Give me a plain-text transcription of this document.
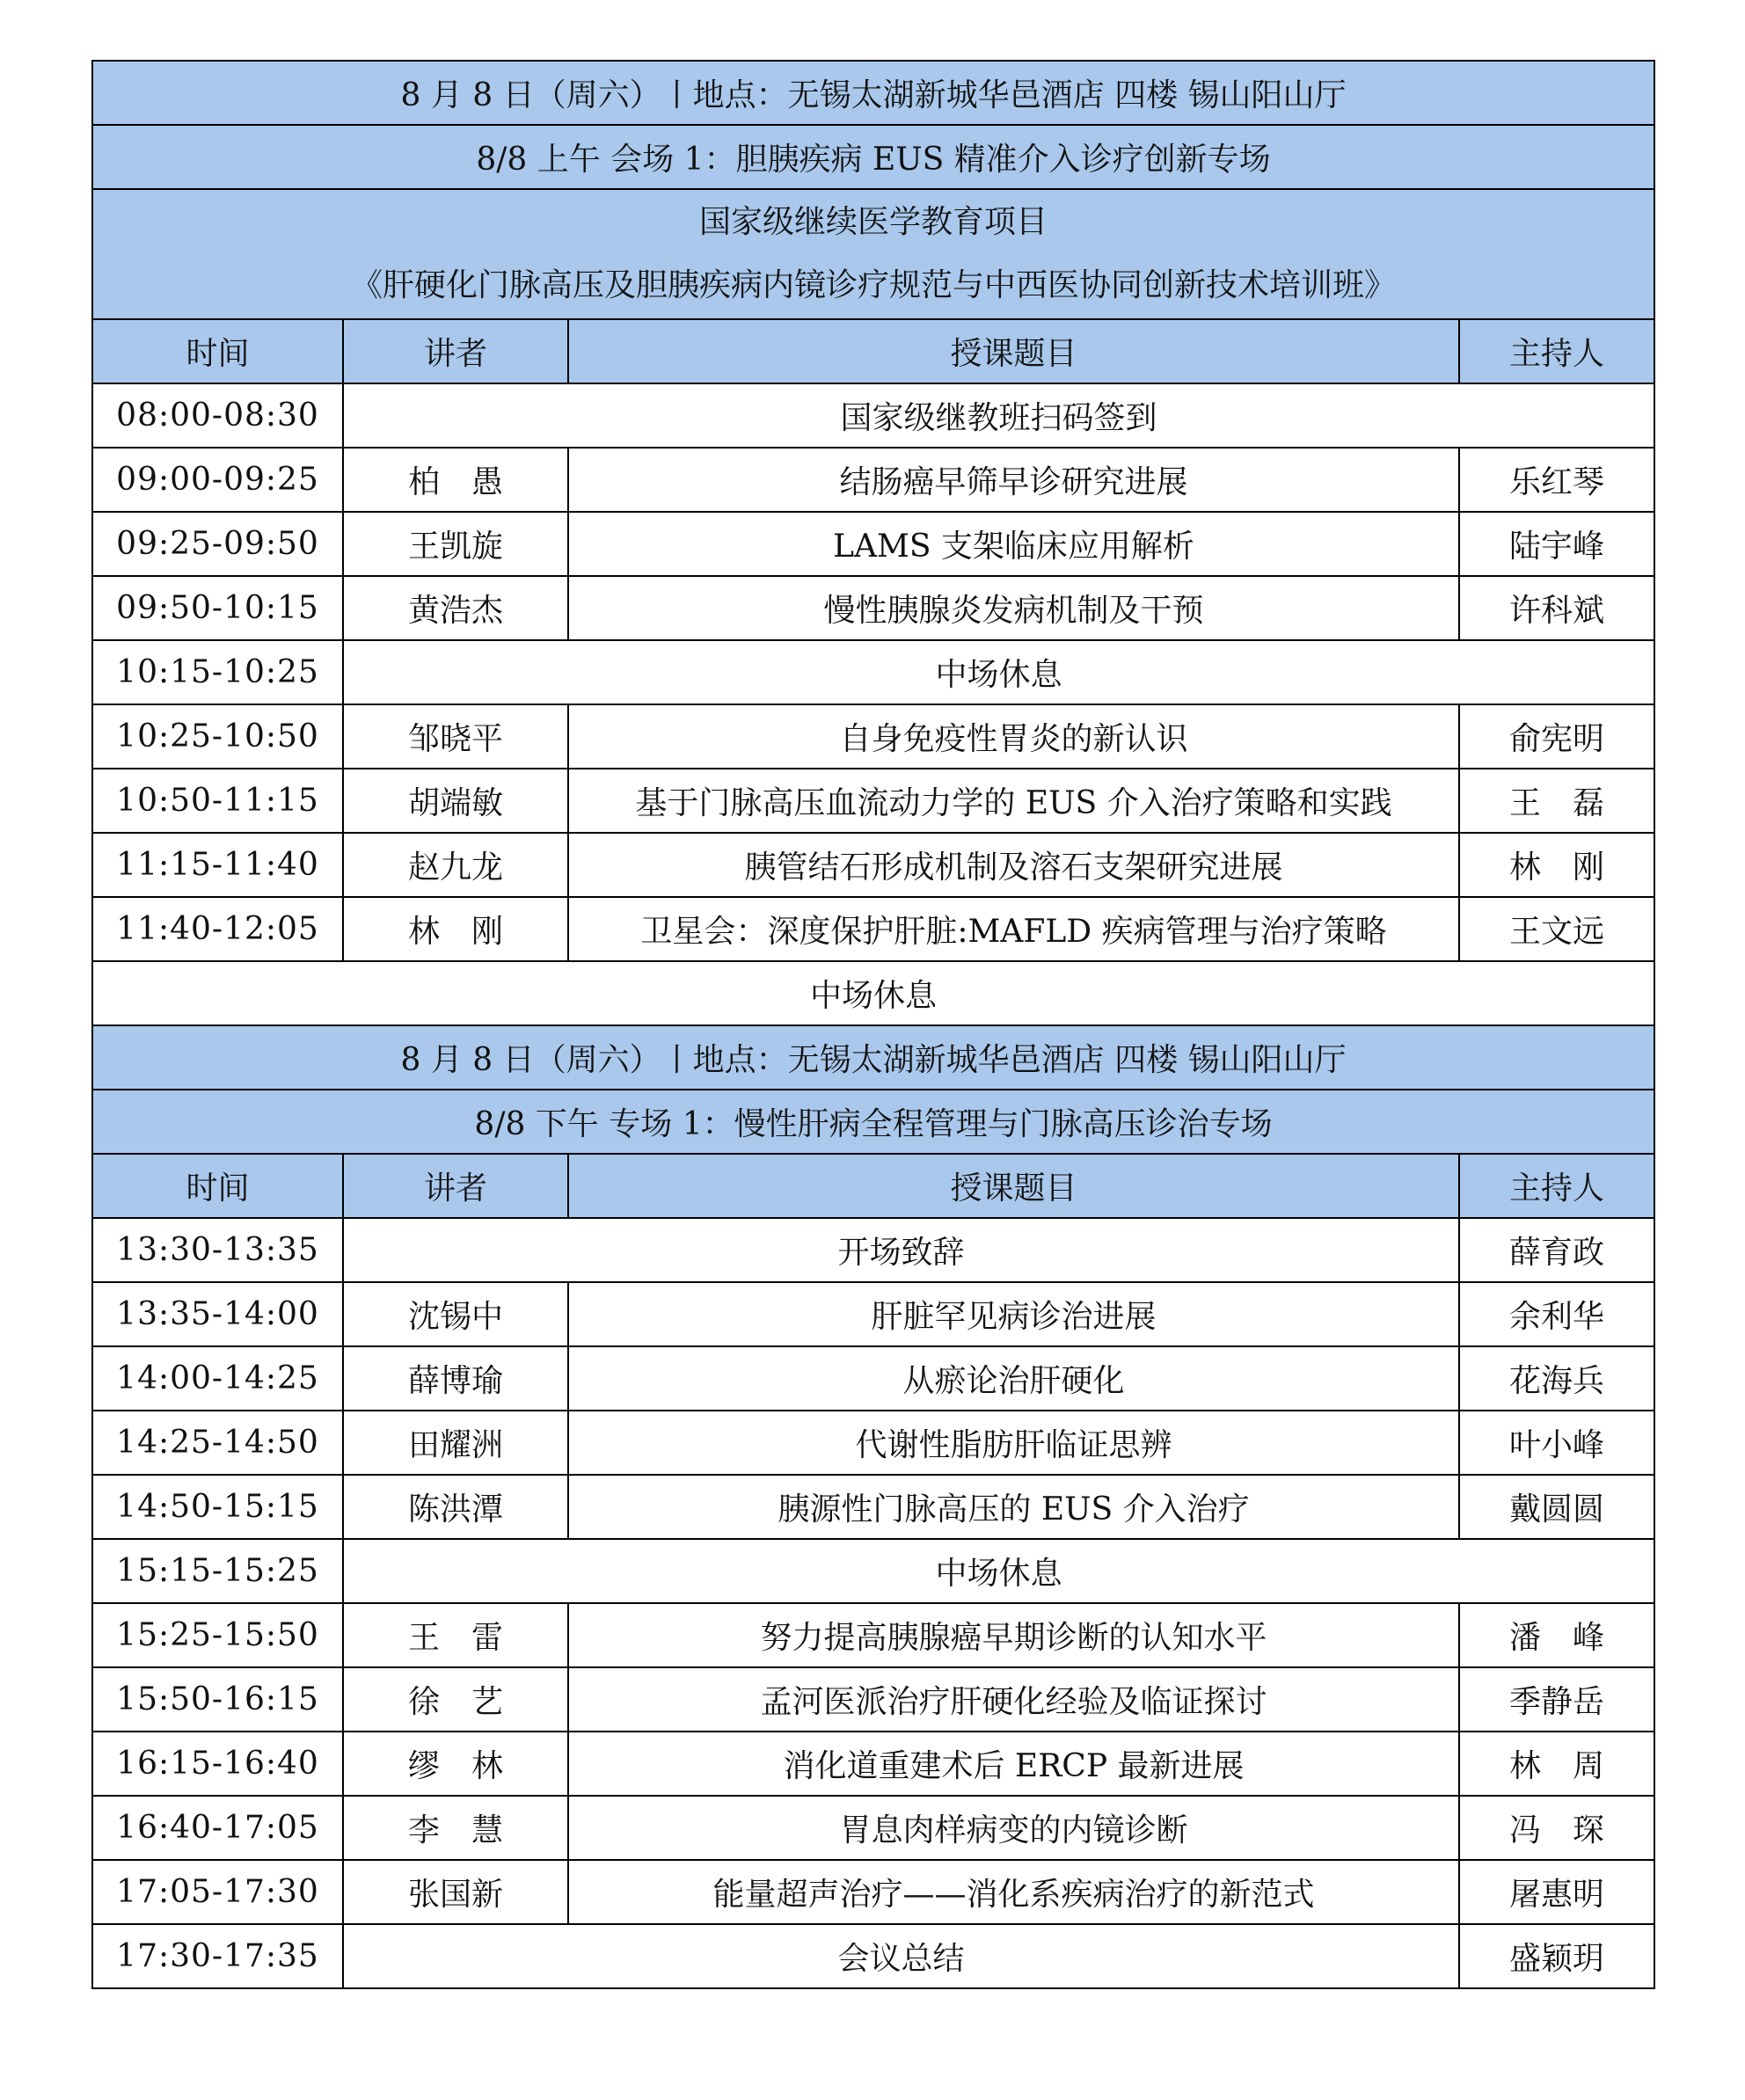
8 月 8 日（周六）丨地点：无锡太湖新城华邑酒店 四楼 锡山阳山厅			
8/8 上午 会场 1：胆胰疾病 EUS 精准介入诊疗创新专场			

国家级继续医学教育项目
《肝硬化门脉高压及胆胰疾病内镜诊疗规范与中西医协同创新技术培训班》			

时间	讲者	授课题目	主持人
08:00-08:30	国家级继教班扫码签到		
09:00-09:25	柏　愚	结肠癌早筛早诊研究进展	乐红琴
09:25-09:50	王凯旋	LAMS 支架临床应用解析	陆宇峰
09:50-10:15	黄浩杰	慢性胰腺炎发病机制及干预	许科斌
10:15-10:25	中场休息		
10:25-10:50	邹晓平	自身免疫性胃炎的新认识	俞宪明
10:50-11:15	胡端敏	基于门脉高压血流动力学的 EUS 介入治疗策略和实践	王　磊
11:15-11:40	赵九龙	胰管结石形成机制及溶石支架研究进展	林　刚
11:40-12:05	林　刚	卫星会：深度保护肝脏:MAFLD 疾病管理与治疗策略	王文远
中场休息			
8 月 8 日（周六）丨地点：无锡太湖新城华邑酒店 四楼 锡山阳山厅			
8/8 下午 专场 1：慢性肝病全程管理与门脉高压诊治专场			
时间	讲者	授课题目	主持人
13:30-13:35	开场致辞		薛育政
13:35-14:00	沈锡中	肝脏罕见病诊治进展	余利华
14:00-14:25	薛博瑜	从瘀论治肝硬化	花海兵
14:25-14:50	田耀洲	代谢性脂肪肝临证思辨	叶小峰
14:50-15:15	陈洪潭	胰源性门脉高压的 EUS 介入治疗	戴圆圆
15:15-15:25	中场休息		
15:25-15:50	王　雷	努力提高胰腺癌早期诊断的认知水平	潘　峰
15:50-16:15	徐　艺	孟河医派治疗肝硬化经验及临证探讨	季静岳
16:15-16:40	缪　林	消化道重建术后 ERCP 最新进展	林　周
16:40-17:05	李　慧	胃息肉样病变的内镜诊断	冯　琛
17:05-17:30	张国新	能量超声治疗——消化系疾病治疗的新范式	屠惠明
17:30-17:35	会议总结		盛颖玥
